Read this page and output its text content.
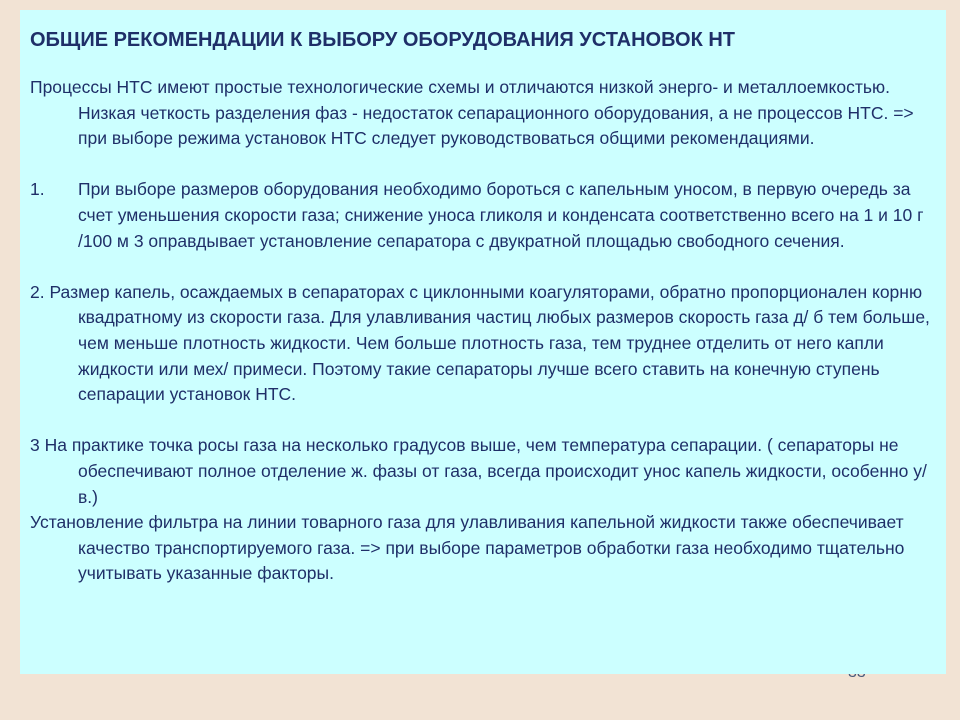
ОБЩИЕ РЕКОМЕНДАЦИИ К ВЫБОРУ ОБОРУДОВАНИЯ УСТАНОВОК НТ

Процессы НТС имеют простые технологические схемы и отличаются низкой энерго- и металлоемкостью. Низкая четкость разделения фаз - недостаток сепарационного оборудования, а не процессов НТС. => при выборе режима установок НТС следует руководствоваться общими рекомендациями.

1.	При выборе размеров оборудования необходимо бороться с капельным уносом, в первую очередь за счет уменьшения скорости газа; снижение уноса гликоля и конденсата соответственно всего на 1 и 10 г /100 м 3 оправдывает установление сепаратора с двукратной площадью свободного сечения.

2. Размер капель, осаждаемых в сепараторах с циклонными коагуляторами, обратно пропорционален корню квадратному из скорости газа. Для улавливания частиц любых размеров скорость газа д/ б тем больше, чем меньше плотность жидкости. Чем больше плотность газа, тем труднее отделить от него капли жидкости или мех/ примеси. Поэтому такие сепараторы лучше всего ставить на конечную ступень сепарации установок НТС.

3 На практике точка росы газа на несколько градусов выше, чем температура сепарации. ( сепараторы не обеспечивают полное отделение ж. фазы от газа, всегда происходит унос капель жидкости, особенно у/в.)

Установление фильтра на линии товарного газа для улавливания капельной жидкости также обеспечивает качество транспортируемого газа. => при выборе параметров обработки газа необходимо тщательно учитывать указанные факторы.
